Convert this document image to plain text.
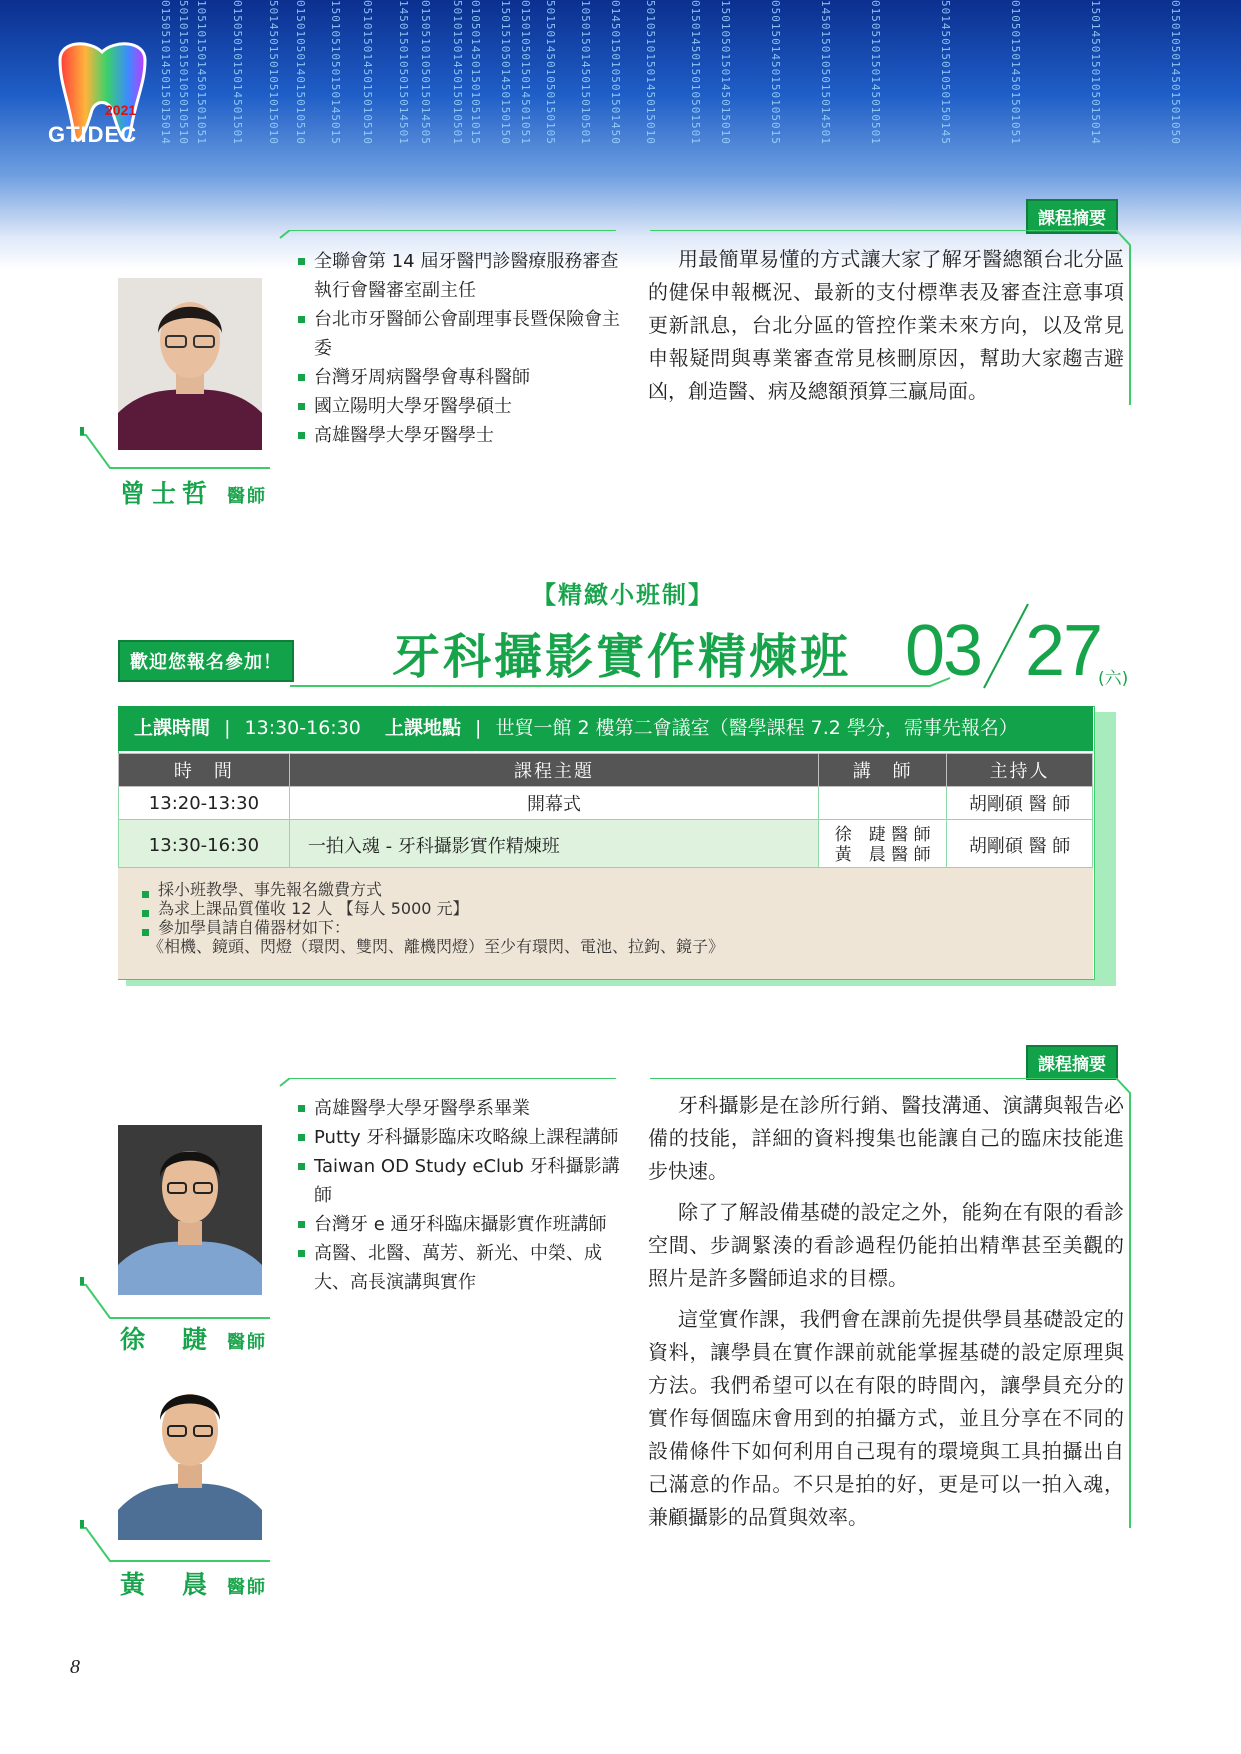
0150510145015015014 5010150150105010510 1051015014501501051 0150501015014501501 5014501501051015010 0150105014015010510 1501051050150145015 0510150145015010510 1450150105015014501 0150510105015014505 5010150145015010501 0105014501501051015 1501510501450150150 0150105015014501051 5015014501050150105 1050150145015010501 0145015010501501450 5010510150145015010	0150145015010501501 1501050150145015010	0501501450150105015	1450150105015014501	0150510150145010501	5014501501050150145	0105015014501501051	1501450150105015014	0150105014501501050
2021
GTIDEC
課程摘要
全聯會第 14 屆牙醫門診醫療服務審查執行會醫審室副主任
台北市牙醫師公會副理事長暨保險會主委
台灣牙周病醫學會專科醫師
國立陽明大學牙醫學碩士
高雄醫學大學牙醫學士
曾士哲 醫師

用最簡單易懂的方式讓大家了解牙醫總額台北分區的健保申報概況、最新的支付標準表及審查注意事項更新訊息，台北分區的管控作業未來方向，以及常見申報疑問與專業審查常見核刪原因，幫助大家趨吉避凶，創造醫、病及總額預算三贏局面。

【精緻小班制】
歡迎您報名參加！ 牙科攝影實作精煉班 03 27
(六)
上課時間 | 13:30-16:30 上課地點 | 世貿一館 2 樓第二會議室（醫學課程 7.2 學分，需事先報名）
時　間	課程主題	講　師	主持人
13:20-13:30	開幕式		胡剛碩 醫 師
13:30-16:30	一拍入魂 - 牙科攝影實作精煉班	徐　踕 醫 師
黃　晨 醫 師	胡剛碩 醫 師
採小班教學、事先報名繳費方式
為求上課品質僅收 12 人 【每人 5000 元】
參加學員請自備器材如下：
《相機、鏡頭、閃燈（環閃、雙閃、離機閃燈）至少有環閃、電池、拉鉤、鏡子》
課程摘要
徐　踕 醫師
黃　晨 醫師
高雄醫學大學牙醫學系畢業
Putty 牙科攝影臨床攻略線上課程講師
Taiwan OD Study eClub 牙科攝影講師
台灣牙 e 通牙科臨床攝影實作班講師
高醫、北醫、萬芳、新光、中榮、成大、高長演講與實作

牙科攝影是在診所行銷、醫技溝通、演講與報告必備的技能，詳細的資料搜集也能讓自己的臨床技能進步快速。

除了了解設備基礎的設定之外，能夠在有限的看診空間、步調緊湊的看診過程仍能拍出精準甚至美觀的照片是許多醫師追求的目標。

這堂實作課，我們會在課前先提供學員基礎設定的資料，讓學員在實作課前就能掌握基礎的設定原理與方法。我們希望可以在有限的時間內，讓學員充分的實作每個臨床會用到的拍攝方式，並且分享在不同的設備條件下如何利用自己現有的環境與工具拍攝出自己滿意的作品。不只是拍的好，更是可以一拍入魂，兼顧攝影的品質與效率。

8
